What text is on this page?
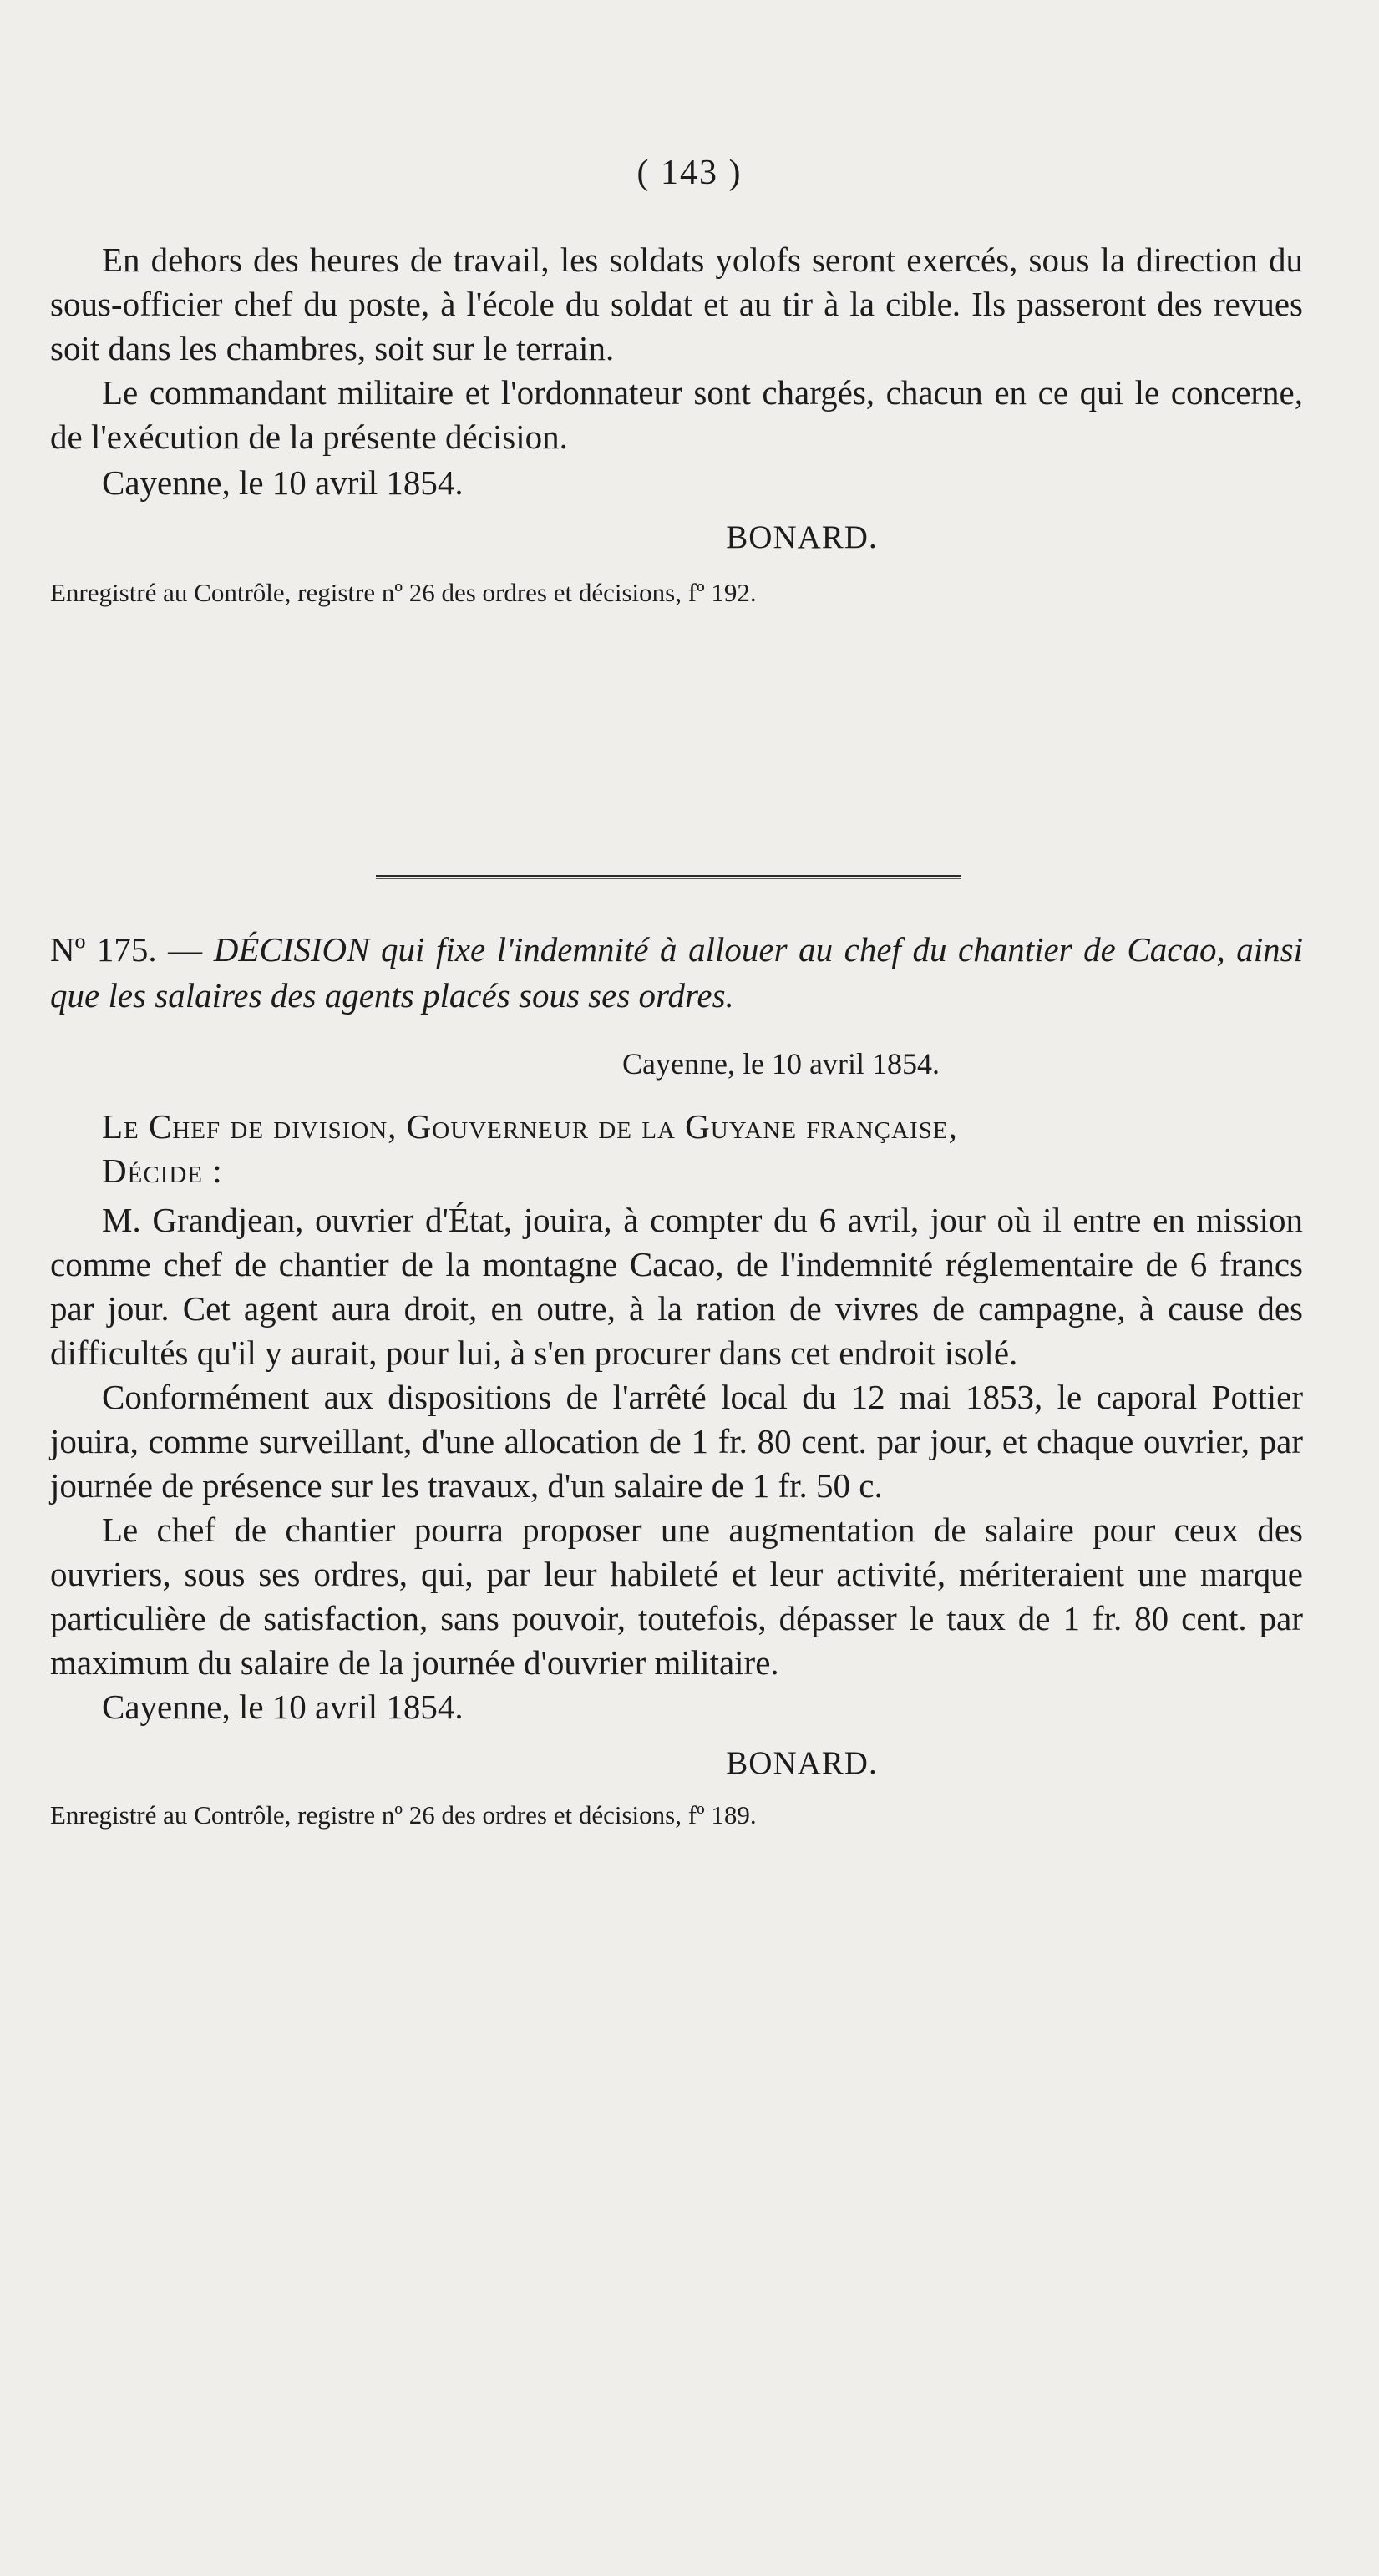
( 143 )

En dehors des heures de travail, les soldats yolofs seront exercés, sous la direction du sous-officier chef du poste, à l'école du soldat et au tir à la cible. Ils passeront des revues soit dans les chambres, soit sur le terrain.

Le commandant militaire et l'ordonnateur sont chargés, chacun en ce qui le concerne, de l'exécution de la présente décision.

Cayenne, le 10 avril 1854.

BONARD.

Enregistré au Contrôle, registre nº 26 des ordres et décisions, fº 192.

Nº 175. — DÉCISION qui fixe l'indemnité à allouer au chef du chantier de Cacao, ainsi que les salaires des agents placés sous ses ordres.

Cayenne, le 10 avril 1854.

Le Chef de division, Gouverneur de la Guyane française,

Décide :

M. Grandjean, ouvrier d'État, jouira, à compter du 6 avril, jour où il entre en mission comme chef de chantier de la montagne Cacao, de l'indemnité réglementaire de 6 francs par jour. Cet agent aura droit, en outre, à la ration de vivres de campagne, à cause des difficultés qu'il y aurait, pour lui, à s'en procurer dans cet endroit isolé.

Conformément aux dispositions de l'arrêté local du 12 mai 1853, le caporal Pottier jouira, comme surveillant, d'une allocation de 1 fr. 80 cent. par jour, et chaque ouvrier, par journée de présence sur les travaux, d'un salaire de 1 fr. 50 c.

Le chef de chantier pourra proposer une augmentation de salaire pour ceux des ouvriers, sous ses ordres, qui, par leur habileté et leur activité, mériteraient une marque particulière de satisfaction, sans pouvoir, toutefois, dépasser le taux de 1 fr. 80 cent. par maximum du salaire de la journée d'ouvrier militaire.

Cayenne, le 10 avril 1854.

BONARD.

Enregistré au Contrôle, registre nº 26 des ordres et décisions, fº 189.
